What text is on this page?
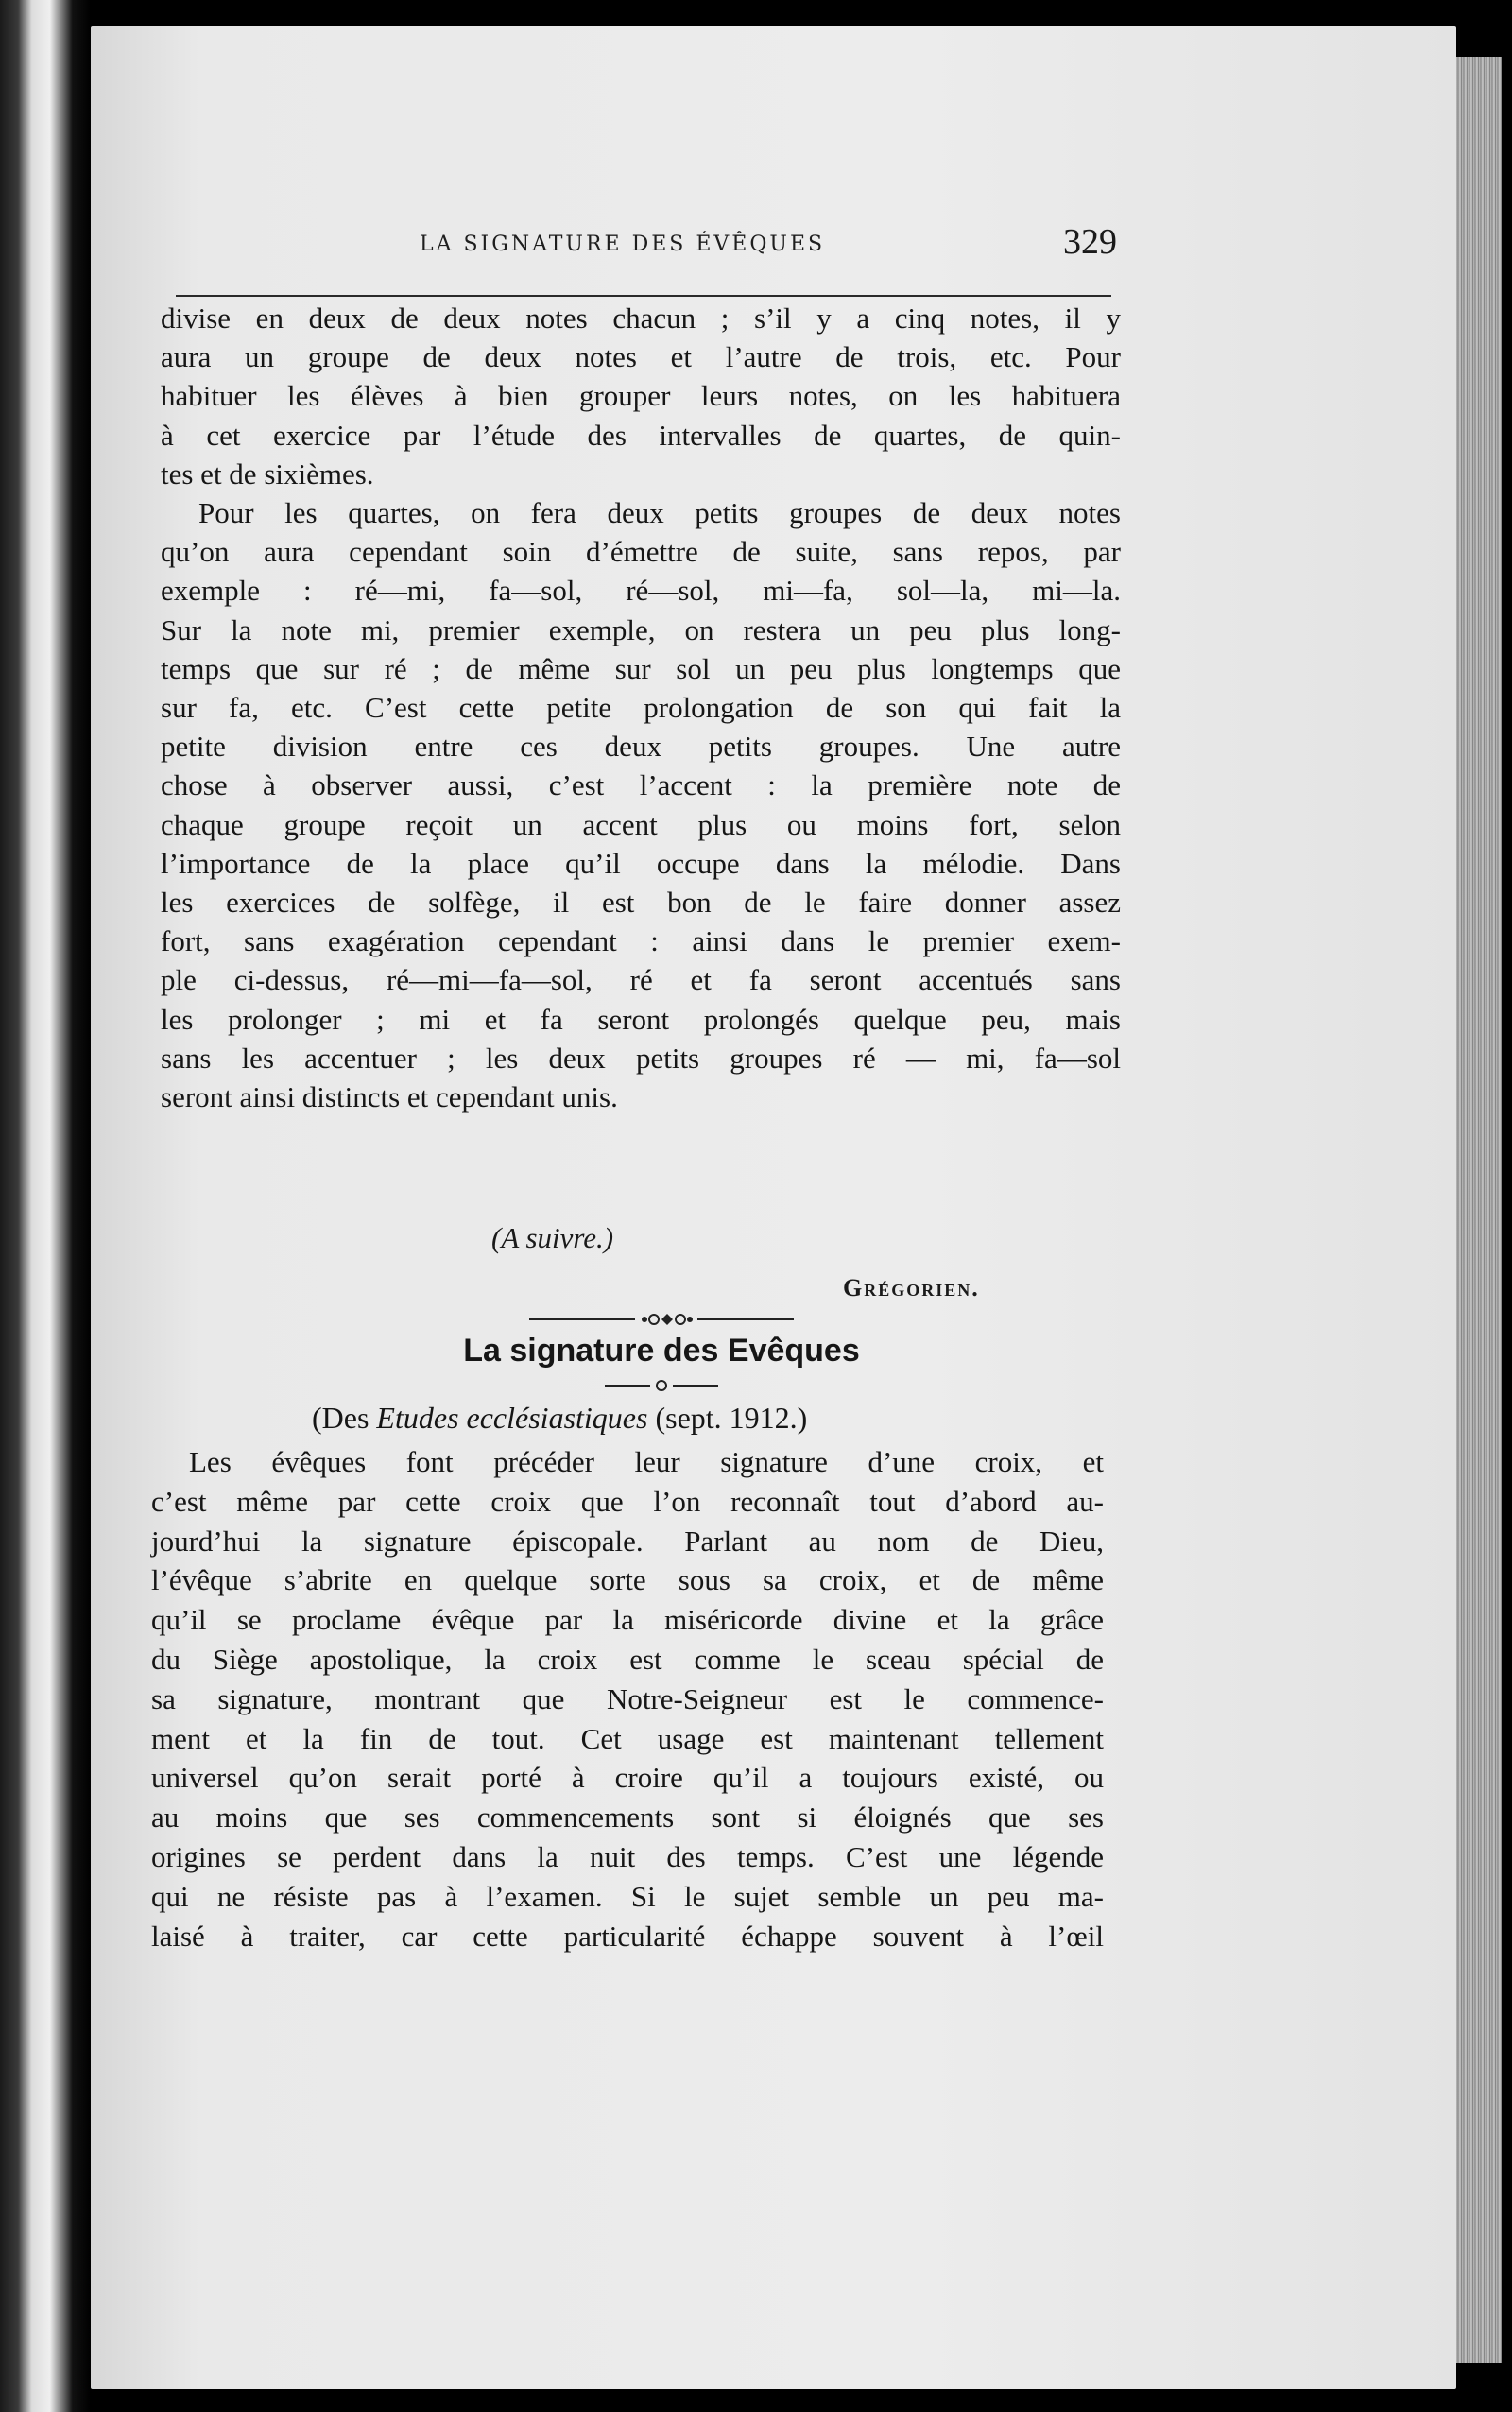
LA SIGNATURE DES ÉVÊQUES	329
divise en deux de deux notes chacun ; s’il y a cinq notes, il y
aura un groupe de deux notes et l’autre de trois, etc. Pour
habituer les élèves à bien grouper leurs notes, on les habituera
à cet exercice par l’étude des intervalles de quartes, de quin-
tes et de sixièmes.
Pour les quartes, on fera deux petits groupes de deux notes
qu’on aura cependant soin d’émettre de suite, sans repos, par
exemple : ré—mi, fa—sol, ré—sol, mi—fa, sol—la, mi—la.
Sur la note mi, premier exemple, on restera un peu plus long-
temps que sur ré ; de même sur sol un peu plus longtemps que
sur fa, etc. C’est cette petite prolongation de son qui fait la
petite division entre ces deux petits groupes. Une autre
chose à observer aussi, c’est l’accent : la première note de
chaque groupe reçoit un accent plus ou moins fort, selon
l’importance de la place qu’il occupe dans la mélodie. Dans
les exercices de solfège, il est bon de le faire donner assez
fort, sans exagération cependant : ainsi dans le premier exem-
ple ci-dessus, ré—mi—fa—sol, ré et fa seront accentués sans
les prolonger ; mi et fa seront prolongés quelque peu, mais
sans les accentuer ; les deux petits groupes ré — mi, fa—sol
seront ainsi distincts et cependant unis.
(A suivre.)
Grégorien.
La signature des Evêques
(Des Etudes ecclésiastiques (sept. 1912.)
Les évêques font précéder leur signature d’une croix, et
c’est même par cette croix que l’on reconnaît tout d’abord au-
jourd’hui la signature épiscopale. Parlant au nom de Dieu,
l’évêque s’abrite en quelque sorte sous sa croix, et de même
qu’il se proclame évêque par la miséricorde divine et la grâce
du Siège apostolique, la croix est comme le sceau spécial de
sa signature, montrant que Notre-Seigneur est le commence-
ment et la fin de tout. Cet usage est maintenant tellement
universel qu’on serait porté à croire qu’il a toujours existé, ou
au moins que ses commencements sont si éloignés que ses
origines se perdent dans la nuit des temps. C’est une légende
qui ne résiste pas à l’examen. Si le sujet semble un peu ma-
laisé à traiter, car cette particularité échappe souvent à l’œil
